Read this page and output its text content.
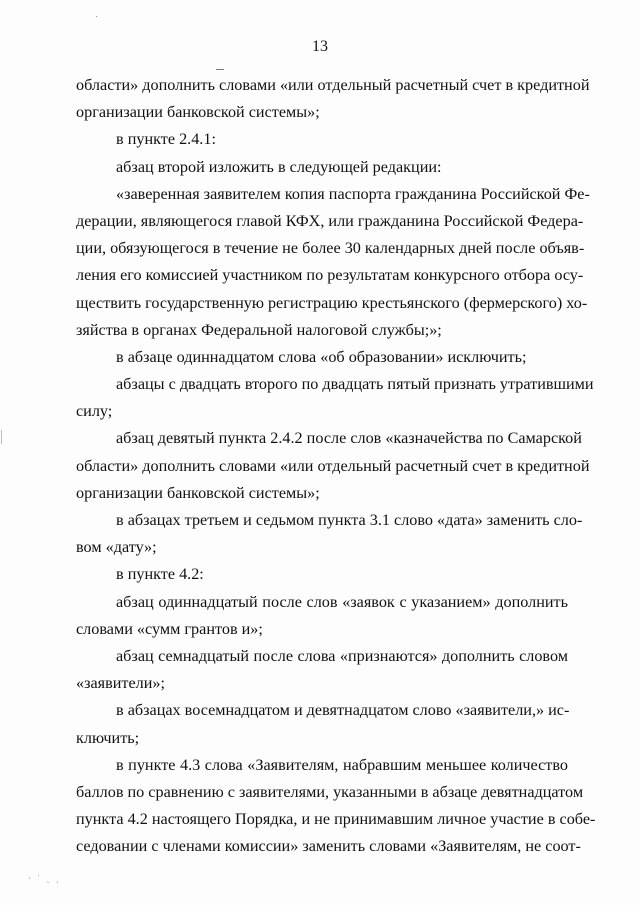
13
области» дополнить словами «или отдельный расчетный счет в кредитной
организации банковской системы»;
в пункте 2.4.1:
абзац второй изложить в следующей редакции:
«заверенная заявителем копия паспорта гражданина Российской Фе-
дерации, являющегося главой КФХ, или гражданина Российской Федера-
ции, обязующегося в течение не более 30 календарных дней после объяв-
ления его комиссией участником по результатам конкурсного отбора осу-
ществить государственную регистрацию крестьянского (фермерского) хо-
зяйства в органах Федеральной налоговой службы;»;
в абзаце одиннадцатом слова «об образовании» исключить;
абзацы с двадцать второго по двадцать пятый признать утратившими
силу;
абзац девятый пункта 2.4.2 после слов «казначейства по Самарской
области» дополнить словами «или отдельный расчетный счет в кредитной
организации банковской системы»;
в абзацах третьем и седьмом пункта 3.1 слово «дата» заменить сло-
вом «дату»;
в пункте 4.2:
абзац одиннадцатый после слов «заявок с указанием» дополнить
словами «сумм грантов и»;
абзац семнадцатый после слова «признаются» дополнить словом
«заявители»;
в абзацах восемнадцатом и девятнадцатом слово «заявители,» ис-
ключить;
в пункте 4.3 слова «Заявителям, набравшим меньшее количество
баллов по сравнению с заявителями, указанными в абзаце девятнадцатом
пункта 4.2 настоящего Порядка, и не принимавшим личное участие в собе-
седовании с членами комиссии» заменить словами «Заявителям, не соот-
· ˈ ˎ ˏ
